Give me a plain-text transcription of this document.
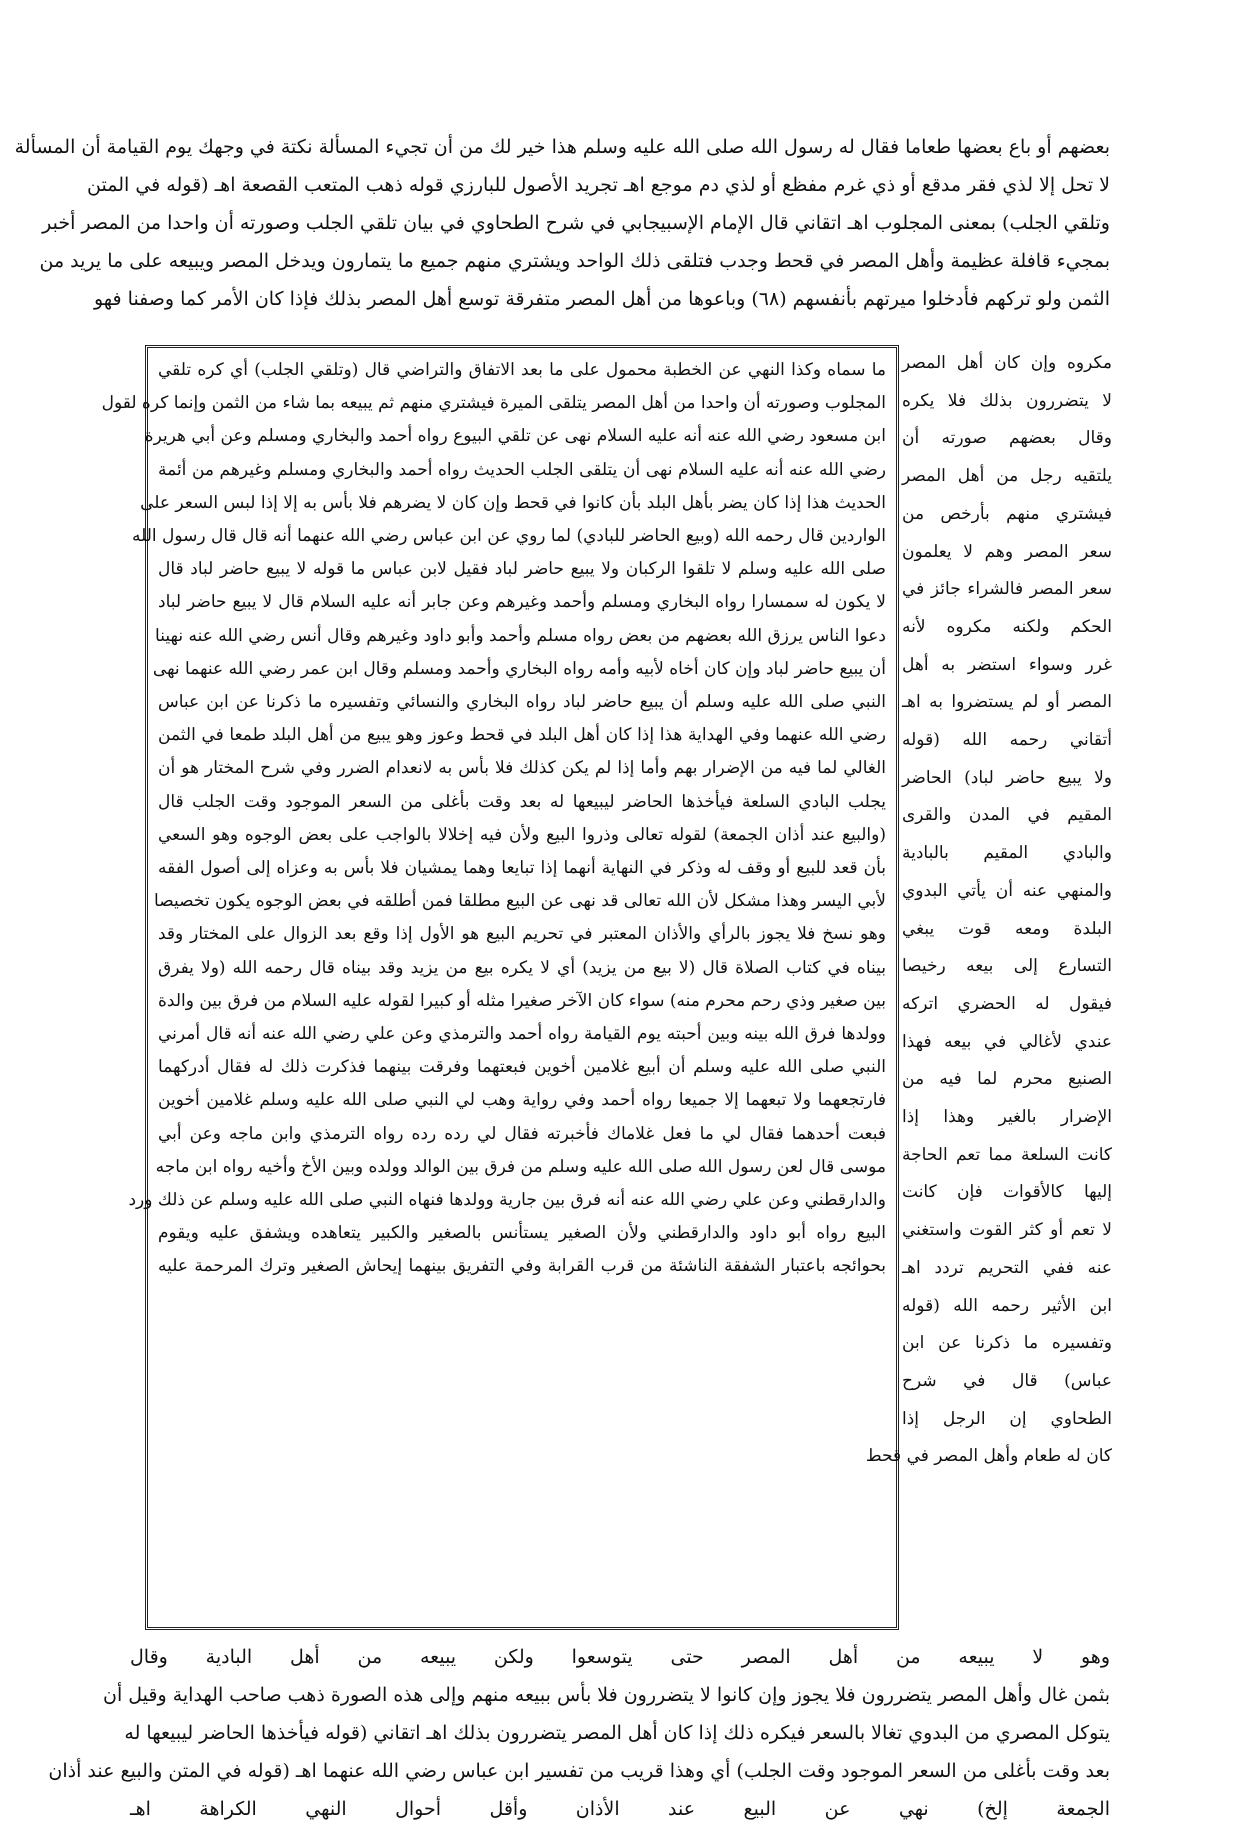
بعضهم أو باع بعضها طعاما فقال له رسول الله صلى الله عليه وسلم هذا خير لك من أن تجيء المسألة نكتة في وجهك يوم القيامة أن المسألة
لا تحل إلا لذي فقر مدقع أو ذي غرم مفظع أو لذي دم موجع اهـ تجريد الأصول للبارزي قوله ذهب المتعب القصعة اهـ (قوله في المتن
وتلقي الجلب) بمعنى المجلوب اهـ اتقاني قال الإمام الإسبيجابي في شرح الطحاوي في بيان تلقي الجلب وصورته أن واحدا من المصر أخبر
بمجيء قافلة عظيمة وأهل المصر في قحط وجدب فتلقى ذلك الواحد ويشتري منهم جميع ما يتمارون ويدخل المصر ويبيعه على ما يريد من
الثمن ولو تركهم فأدخلوا ميرتهم بأنفسهم (٦٨) وباعوها من أهل المصر متفرقة توسع أهل المصر بذلك فإذا كان الأمر كما وصفنا فهو
ما سماه وكذا النهي عن الخطبة محمول على ما بعد الاتفاق والتراضي قال (وتلقي الجلب) أي كره تلقي
المجلوب وصورته أن واحدا من أهل المصر يتلقى الميرة فيشتري منهم ثم يبيعه بما شاء من الثمن وإنما كره لقول
ابن مسعود رضي الله عنه أنه عليه السلام نهى عن تلقي البيوع رواه أحمد والبخاري ومسلم وعن أبي هريرة
رضي الله عنه أنه عليه السلام نهى أن يتلقى الجلب الحديث رواه أحمد والبخاري ومسلم وغيرهم من أئمة
الحديث هذا إذا كان يضر بأهل البلد بأن كانوا في قحط وإن كان لا يضرهم فلا بأس به إلا إذا لبس السعر على
الواردين قال رحمه الله (وبيع الحاضر للبادي) لما روي عن ابن عباس رضي الله عنهما أنه قال قال رسول الله
صلى الله عليه وسلم لا تلقوا الركبان ولا يبيع حاضر لباد فقيل لابن عباس ما قوله لا يبيع حاضر لباد قال
لا يكون له سمسارا رواه البخاري ومسلم وأحمد وغيرهم وعن جابر أنه عليه السلام قال لا يبيع حاضر لباد
دعوا الناس يرزق الله بعضهم من بعض رواه مسلم وأحمد وأبو داود وغيرهم وقال أنس رضي الله عنه نهينا
أن يبيع حاضر لباد وإن كان أخاه لأبيه وأمه رواه البخاري وأحمد ومسلم وقال ابن عمر رضي الله عنهما نهى
النبي صلى الله عليه وسلم أن يبيع حاضر لباد رواه البخاري والنسائي وتفسيره ما ذكرنا عن ابن عباس
رضي الله عنهما وفي الهداية هذا إذا كان أهل البلد في قحط وعوز وهو يبيع من أهل البلد طمعا في الثمن
الغالي لما فيه من الإضرار بهم وأما إذا لم يكن كذلك فلا بأس به لانعدام الضرر وفي شرح المختار هو أن
يجلب البادي السلعة فيأخذها الحاضر ليبيعها له بعد وقت بأغلى من السعر الموجود وقت الجلب قال
(والبيع عند أذان الجمعة) لقوله تعالى وذروا البيع ولأن فيه إخلالا بالواجب على بعض الوجوه وهو السعي
بأن قعد للبيع أو وقف له وذكر في النهاية أنهما إذا تبايعا وهما يمشيان فلا بأس به وعزاه إلى أصول الفقه
لأبي اليسر وهذا مشكل لأن الله تعالى قد نهى عن البيع مطلقا فمن أطلقه في بعض الوجوه يكون تخصيصا
وهو نسخ فلا يجوز بالرأي والأذان المعتبر في تحريم البيع هو الأول إذا وقع بعد الزوال على المختار وقد
بيناه في كتاب الصلاة قال (لا بيع من يزيد) أي لا يكره بيع من يزيد وقد بيناه قال رحمه الله (ولا يفرق
بين صغير وذي رحم محرم منه) سواء كان الآخر صغيرا مثله أو كبيرا لقوله عليه السلام من فرق بين والدة
وولدها فرق الله بينه وبين أحبته يوم القيامة رواه أحمد والترمذي وعن علي رضي الله عنه أنه قال أمرني
النبي صلى الله عليه وسلم أن أبيع غلامين أخوين فبعتهما وفرقت بينهما فذكرت ذلك له فقال أدركهما
فارتجعهما ولا تبعهما إلا جميعا رواه أحمد وفي رواية وهب لي النبي صلى الله عليه وسلم غلامين أخوين
فبعت أحدهما فقال لي ما فعل غلاماك فأخبرته فقال لي رده رده رواه الترمذي وابن ماجه وعن أبي
موسى قال لعن رسول الله صلى الله عليه وسلم من فرق بين الوالد وولده وبين الأخ وأخيه رواه ابن ماجه
والدارقطني وعن علي رضي الله عنه أنه فرق بين جارية وولدها فنهاه النبي صلى الله عليه وسلم عن ذلك ورد
البيع رواه أبو داود والدارقطني ولأن الصغير يستأنس بالصغير والكبير يتعاهده ويشفق عليه ويقوم
بحوائجه باعتبار الشفقة الناشئة من قرب القرابة وفي التفريق بينهما إيحاش الصغير وترك المرحمة عليه
مكروه وإن كان أهل المصر
لا يتضررون بذلك فلا يكره
وقال بعضهم صورته أن
يلتقيه رجل من أهل المصر
فيشتري منهم بأرخص من
سعر المصر وهم لا يعلمون
سعر المصر فالشراء جائز في
الحكم ولكنه مكروه لأنه
غرر وسواء استضر به أهل
المصر أو لم يستضروا به اهـ
أتقاني رحمه الله (قوله
ولا يبيع حاضر لباد) الحاضر
المقيم في المدن والقرى
والبادي المقيم بالبادية
والمنهي عنه أن يأتي البدوي
البلدة ومعه قوت يبغي
التسارع إلى بيعه رخيصا
فيقول له الحضري اتركه
عندي لأغالي في بيعه فهذا
الصنيع محرم لما فيه من
الإضرار بالغير وهذا إذا
كانت السلعة مما تعم الحاجة
إليها كالأقوات فإن كانت
لا تعم أو كثر القوت واستغني
عنه ففي التحريم تردد اهـ
ابن الأثير رحمه الله (قوله
وتفسيره ما ذكرنا عن ابن
عباس) قال في شرح
الطحاوي إن الرجل إذا
كان له طعام وأهل المصر في قحط
وهو لا يبيعه من أهل المصر حتى يتوسعوا ولكن يبيعه من أهل البادية وقال
بثمن غال وأهل المصر يتضررون فلا يجوز وإن كانوا لا يتضررون فلا بأس ببيعه منهم وإلى هذه الصورة ذهب صاحب الهداية وقيل أن
يتوكل المصري من البدوي تغالا بالسعر فيكره ذلك إذا كان أهل المصر يتضررون بذلك اهـ اتقاني (قوله فيأخذها الحاضر ليبيعها له
بعد وقت بأغلى من السعر الموجود وقت الجلب) أي وهذا قريب من تفسير ابن عباس رضي الله عنهما اهـ (قوله في المتن والبيع عند أذان
الجمعة إلخ) نهي عن البيع عند الأذان وأقل أحوال النهي الكراهة اهـ
